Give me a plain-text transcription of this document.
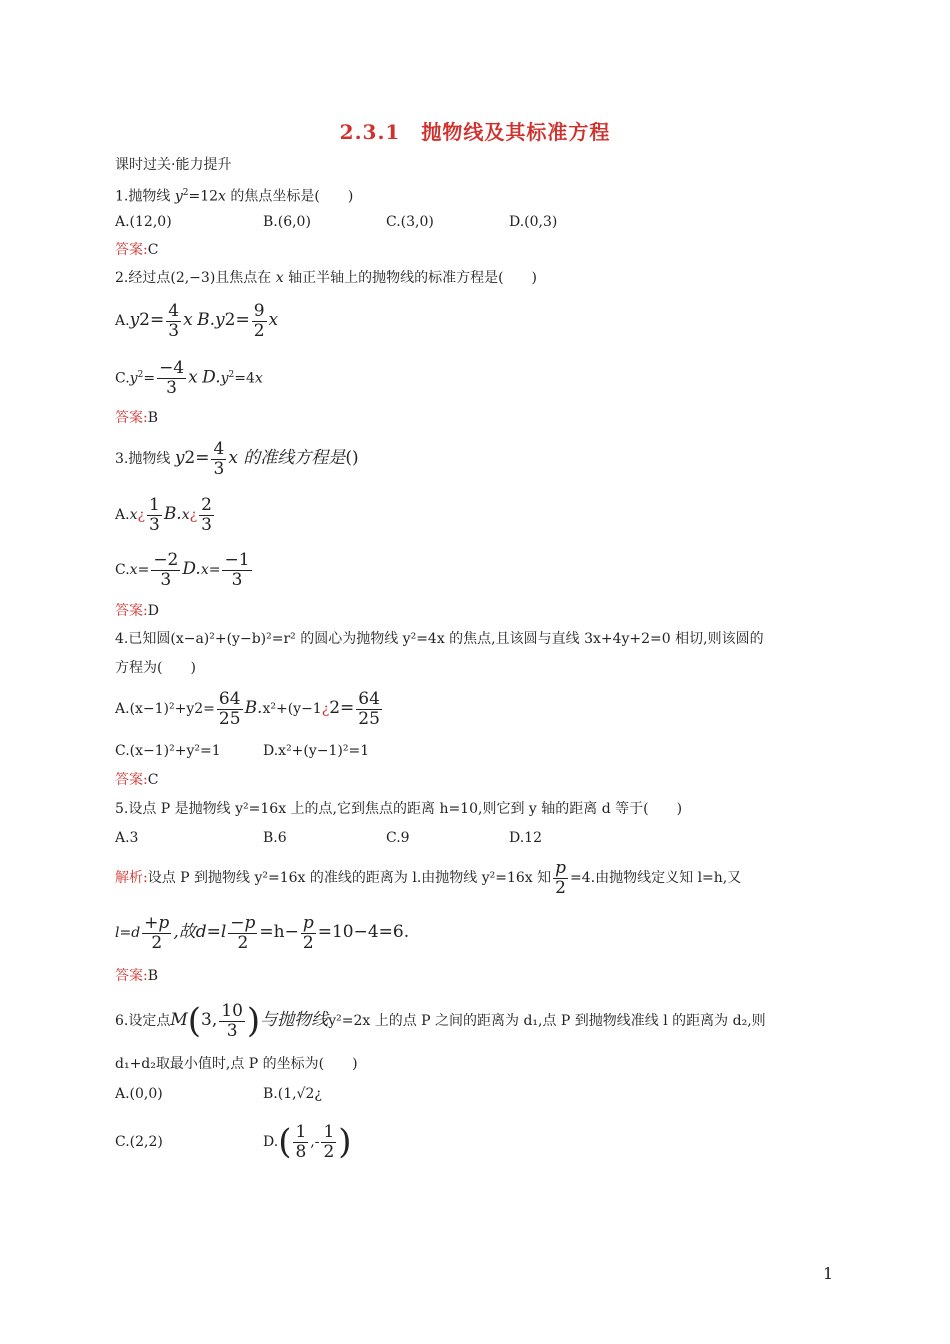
2.3.1　抛物线及其标准方程
课时过关·能力提升
1.抛物线 $y^2=12x$ 的焦点坐标是(　　)
A.(12,0)	B.(6,0)	C.(3,0)	D.(0,3)
答案:C
2.经过点(2,−3)且焦点在 x 轴正半轴上的抛物线的标准方程是(　　)
$A.y2= \frac{4}{3}$ x $B.y2= \frac{9}{2}$ x
$C.y^2= \frac{-4}{3}$ x $D.y^2=4x$
答案:B
3.抛物线 $y2= \frac{4}{3}$ x 的准线方程是()
A.x¿ $\frac{1}{3}$ B.x¿ $\frac{2}{3}$
$C.x= \frac{-2}{3} D.x= \frac{-1}{3}$
答案:D
4.已知圆(x−a)²+(y−b)²=r² 的圆心为抛物线 y²=4x 的焦点,且该圆与直线 3x+4y+2=0 相切,则该圆的
方程为(　　)
$A.(x-1)^2+y2= \frac{64}{25}$ B.x²+(y−1¿2= $\frac{64}{25}$
C.(x−1)²+y²=1	D.x²+(y−1)²=1
答案:C
5.设点 P 是抛物线 y²=16x 上的点,它到焦点的距离 h=10,则它到 y 轴的距离 d 等于(　　)
A.3	B.6	C.9	D.12
解析:设点 P 到抛物线 y²=16x 的准线的距离为 l.由抛物线 y²=16x 知 $\frac{p}{2} =4$.由抛物线定义知 l=h,又
$l=d \frac{+p}{2}$ ,故$d=l \frac{-p}{2} =h- \frac{p}{2} =10-4=6$.
答案:B
6.设定点M(3, $\frac{10}{3}$ )与抛物线y²=2x 上的点 P 之间的距离为 d₁,点 P 到抛物线准线 l 的距离为 d₂,则
d₁+d₂取最小值时,点 P 的坐标为(　　)
A.(0,0)	B.(1,√2¿
C.(2,2)	$D.( \frac{1}{8}$ ,- $\frac{1}{2}$ )
1
